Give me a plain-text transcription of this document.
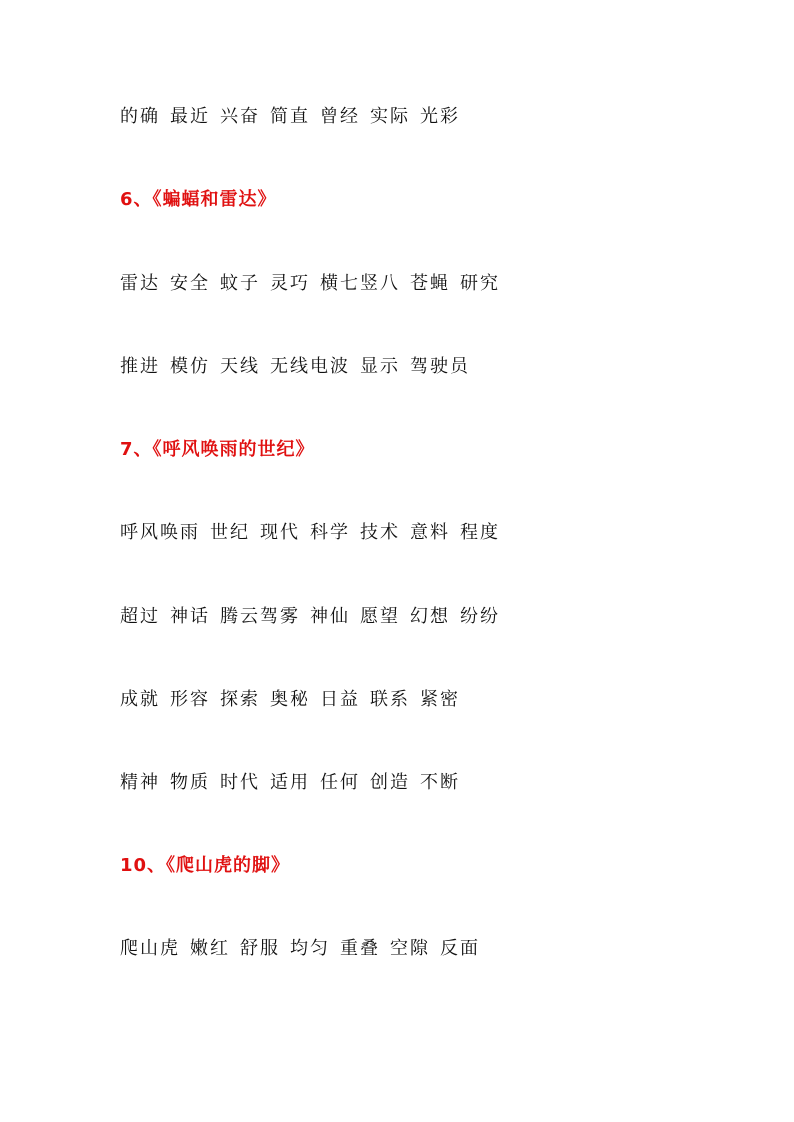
的确 最近 兴奋 简直 曾经 实际 光彩
6、《蝙蝠和雷达》
雷达 安全 蚊子 灵巧 横七竖八 苍蝇 研究
推进 模仿 天线 无线电波 显示 驾驶员
7、《呼风唤雨的世纪》
呼风唤雨 世纪 现代 科学 技术 意料 程度
超过 神话 腾云驾雾 神仙 愿望 幻想 纷纷
成就 形容 探索 奥秘 日益 联系 紧密
精神 物质 时代 适用 任何 创造 不断
10、《爬山虎的脚》
爬山虎 嫩红 舒服 均匀 重叠 空隙 反面
